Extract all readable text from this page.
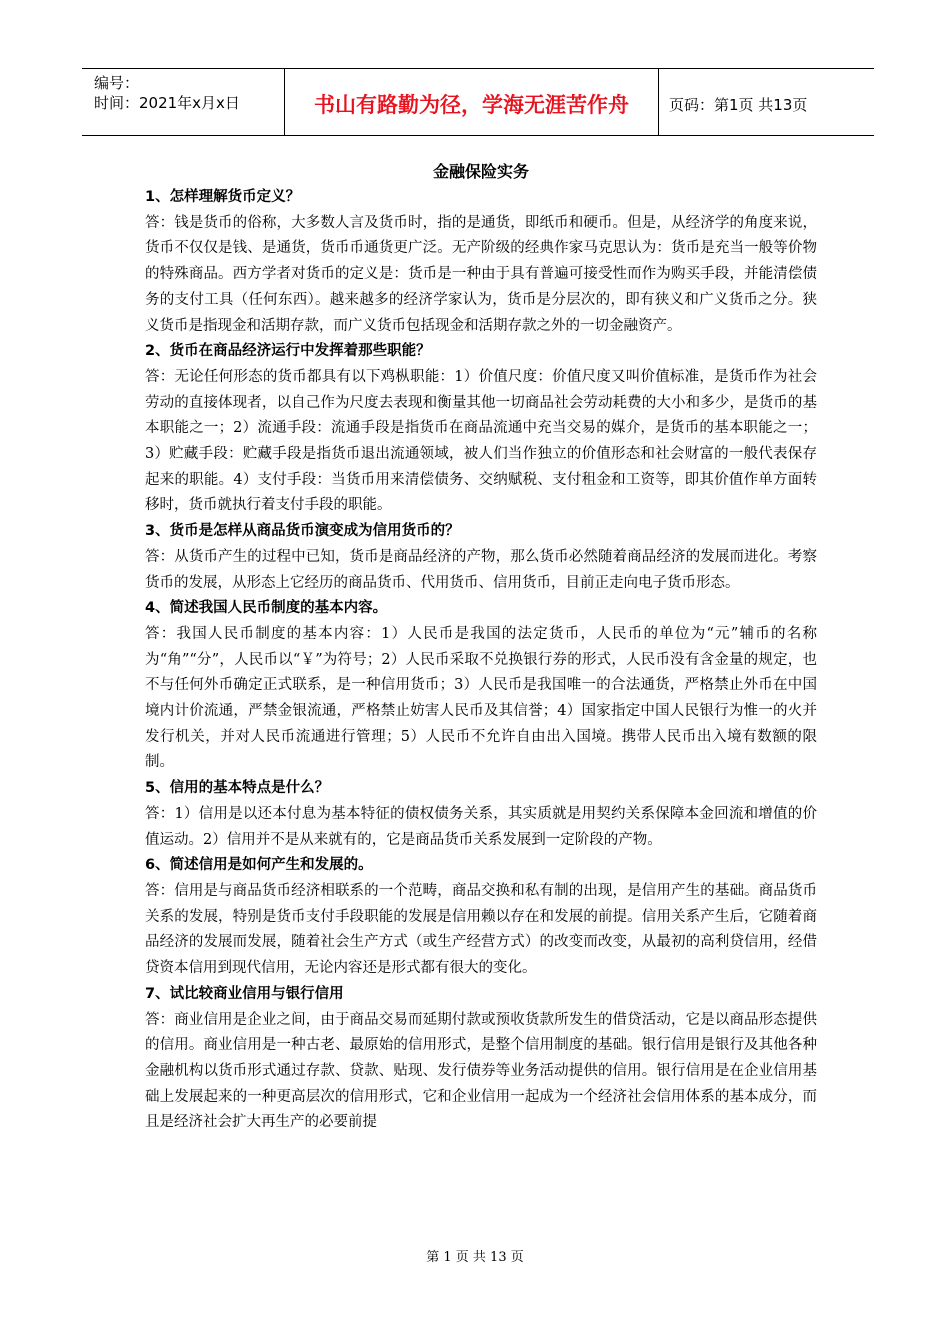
编号：
时间：2021年x月x日	书山有路勤为径，学海无涯苦作舟	页码：第1页 共13页

金融保险实务

1、怎样理解货币定义？

答：钱是货币的俗称，大多数人言及货币时，指的是通货，即纸币和硬币。但是，从经济学的角度来说，货币不仅仅是钱、是通货，货币币通货更广泛。无产阶级的经典作家马克思认为：货币是充当一般等价物的特殊商品。西方学者对货币的定义是：货币是一种由于具有普遍可接受性而作为购买手段，并能清偿债务的支付工具（任何东西）。越来越多的经济学家认为，货币是分层次的，即有狭义和广义货币之分。狭义货币是指现金和活期存款，而广义货币包括现金和活期存款之外的一切金融资产。

2、货币在商品经济运行中发挥着那些职能？

答：无论任何形态的货币都具有以下鸡枞职能：1）价值尺度：价值尺度又叫价值标准，是货币作为社会劳动的直接体现者，以自己作为尺度去表现和衡量其他一切商品社会劳动耗费的大小和多少，是货币的基本职能之一；2）流通手段：流通手段是指货币在商品流通中充当交易的媒介，是货币的基本职能之一；3）贮藏手段：贮藏手段是指货币退出流通领域，被人们当作独立的价值形态和社会财富的一般代表保存起来的职能。4）支付手段：当货币用来清偿债务、交纳赋税、支付租金和工资等，即其价值作单方面转移时，货币就执行着支付手段的职能。

3、货币是怎样从商品货币演变成为信用货币的？

答：从货币产生的过程中已知，货币是商品经济的产物，那么货币必然随着商品经济的发展而进化。考察货币的发展，从形态上它经历的商品货币、代用货币、信用货币，目前正走向电子货币形态。

4、简述我国人民币制度的基本内容。

答：我国人民币制度的基本内容：1）人民币是我国的法定货币，人民币的单位为“元”辅币的名称为“角”“分”，人民币以“￥”为符号；2）人民币采取不兑换银行券的形式，人民币没有含金量的规定，也不与任何外币确定正式联系，是一种信用货币；3）人民币是我国唯一的合法通货，严格禁止外币在中国境内计价流通，严禁金银流通，严格禁止妨害人民币及其信誉；4）国家指定中国人民银行为惟一的火并发行机关，并对人民币流通进行管理；5）人民币不允许自由出入国境。携带人民币出入境有数额的限制。

5、信用的基本特点是什么？

答：1）信用是以还本付息为基本特征的债权债务关系，其实质就是用契约关系保障本金回流和增值的价值运动。2）信用并不是从来就有的，它是商品货币关系发展到一定阶段的产物。

6、简述信用是如何产生和发展的。

答：信用是与商品货币经济相联系的一个范畴，商品交换和私有制的出现，是信用产生的基础。商品货币关系的发展，特别是货币支付手段职能的发展是信用赖以存在和发展的前提。信用关系产生后，它随着商品经济的发展而发展，随着社会生产方式（或生产经营方式）的改变而改变，从最初的高利贷信用，经借贷资本信用到现代信用，无论内容还是形式都有很大的变化。

7、试比较商业信用与银行信用

答：商业信用是企业之间，由于商品交易而延期付款或预收货款所发生的借贷活动，它是以商品形态提供的信用。商业信用是一种古老、最原始的信用形式，是整个信用制度的基础。银行信用是银行及其他各种金融机构以货币形式通过存款、贷款、贴现、发行债券等业务活动提供的信用。银行信用是在企业信用基础上发展起来的一种更高层次的信用形式，它和企业信用一起成为一个经济社会信用体系的基本成分，而且是经济社会扩大再生产的必要前提

第 1 页 共 13 页
